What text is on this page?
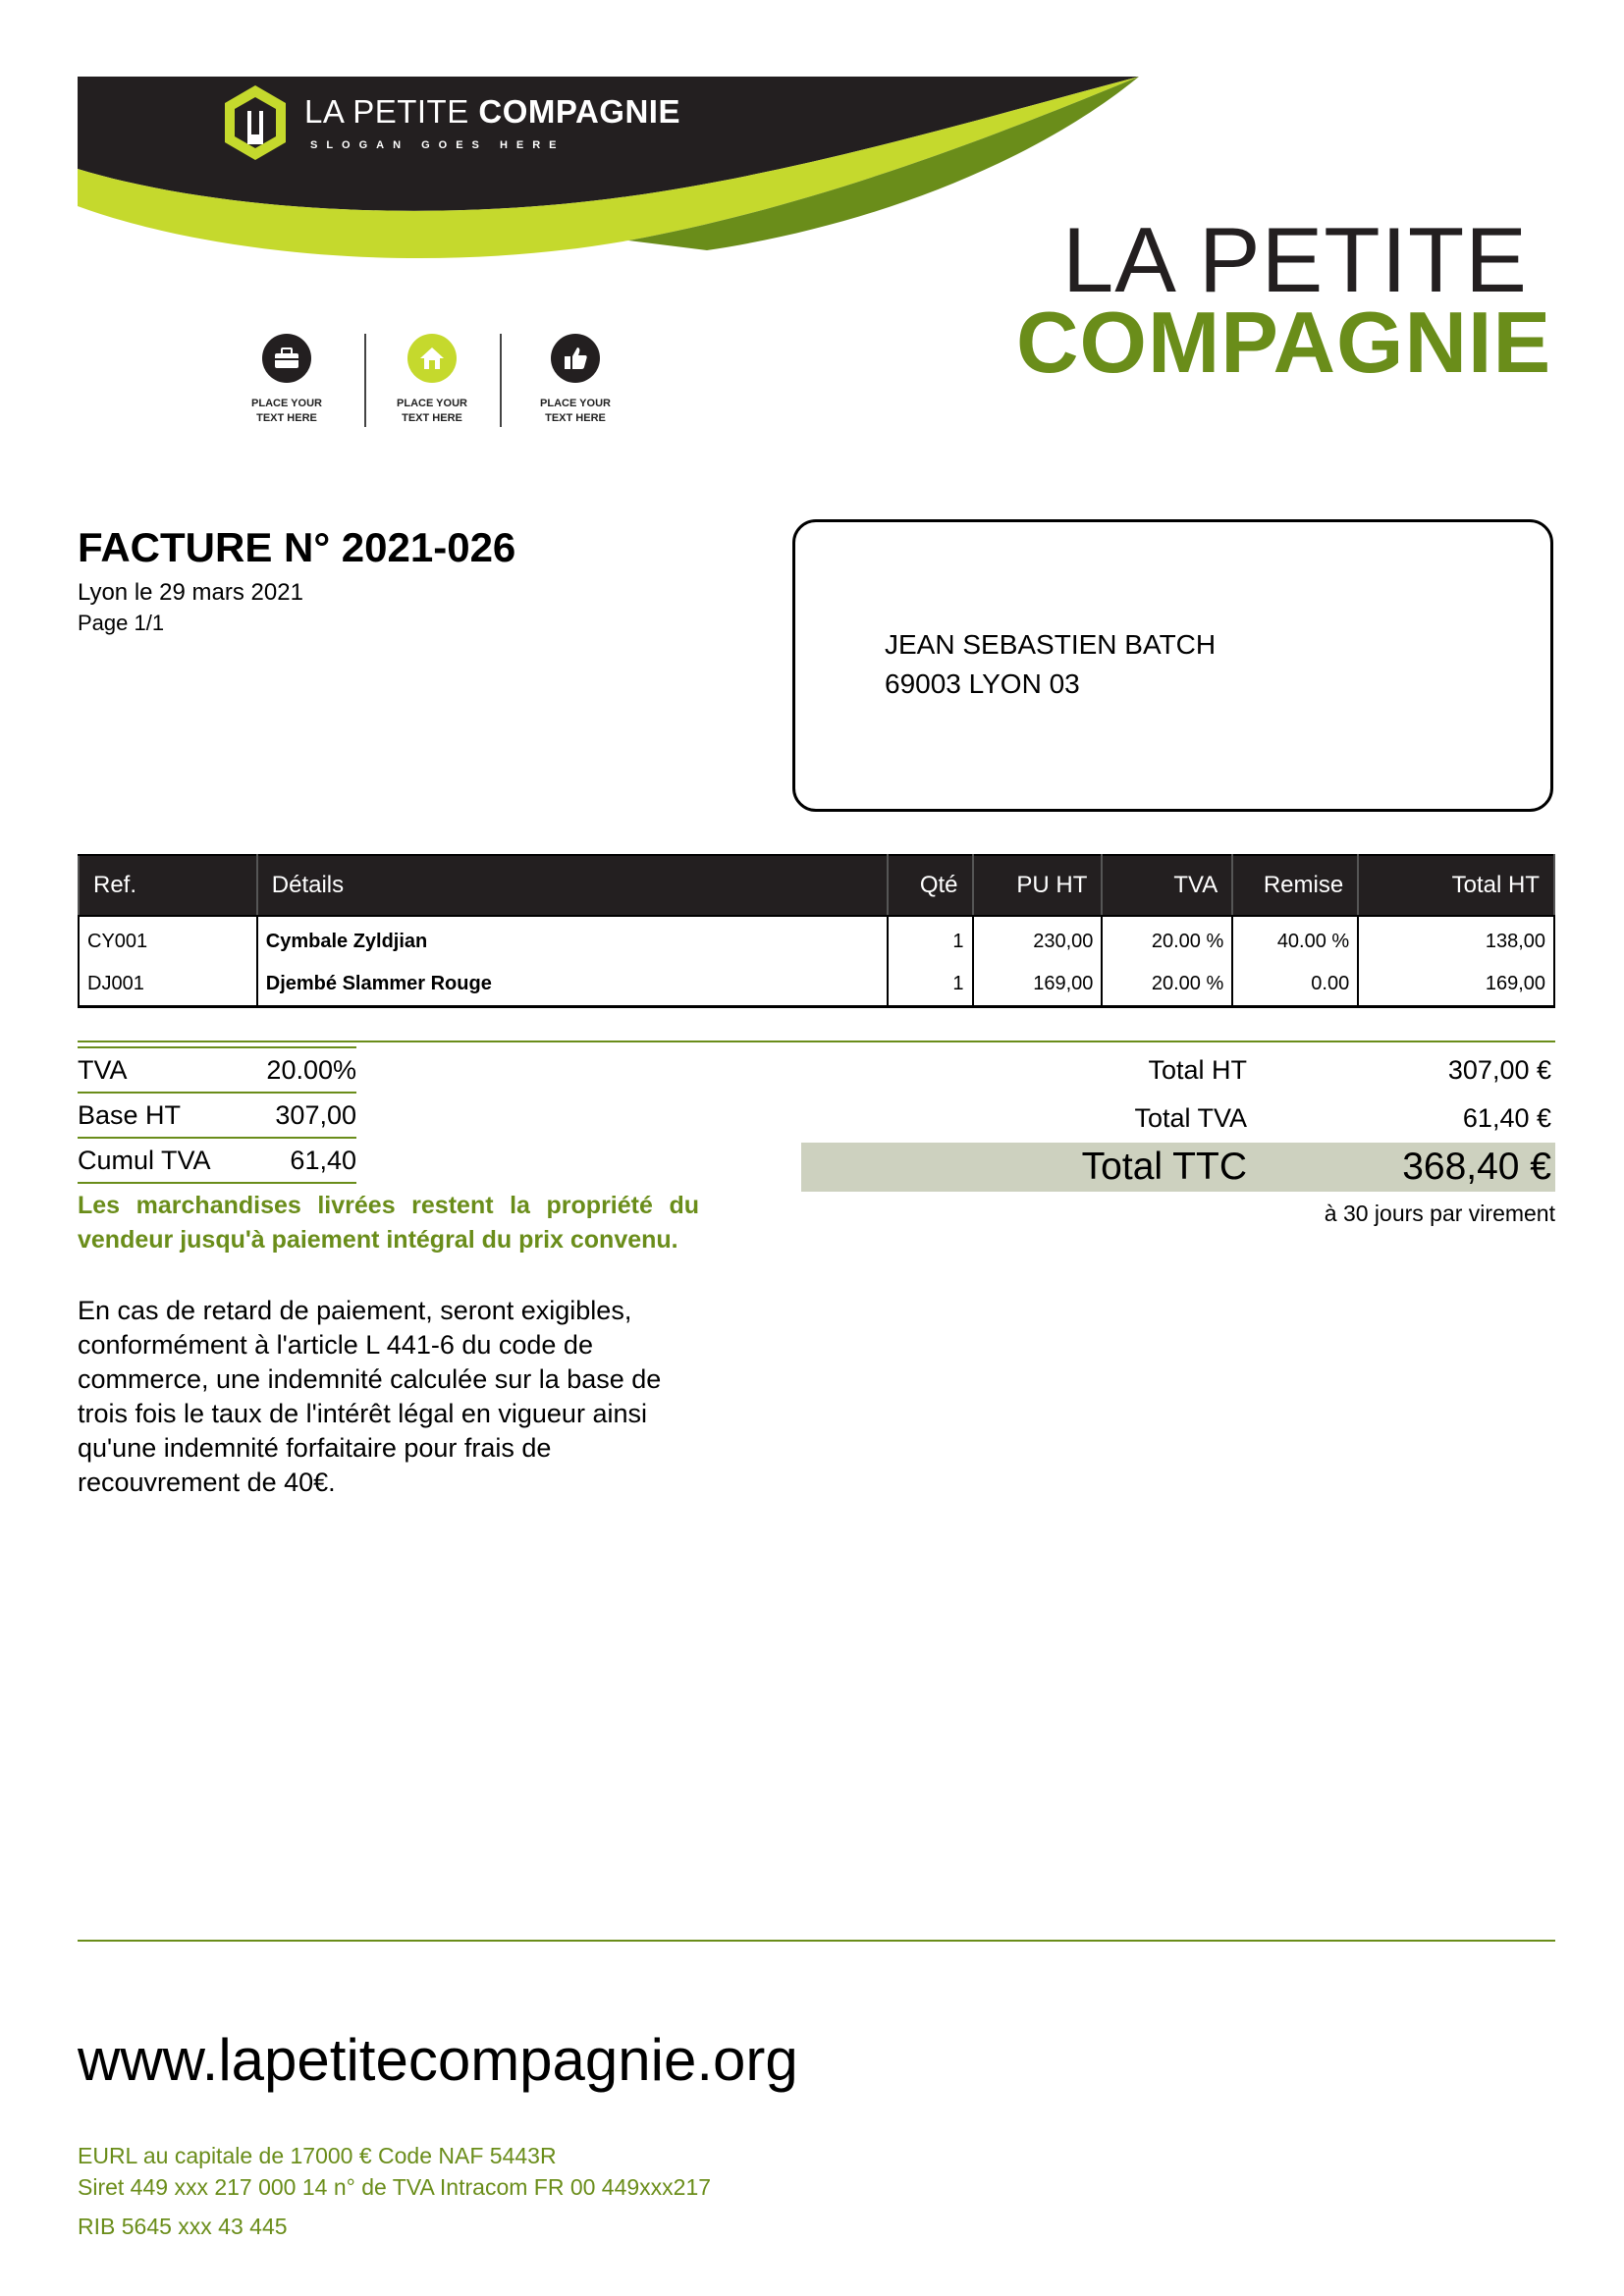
LA PETITE COMPAGNIE
SLOGAN GOES HERE
LA PETITE
COMPAGNIE
PLACE YOUR
TEXT HERE
PLACE YOUR
TEXT HERE
PLACE YOUR
TEXT HERE
FACTURE N° 2021-026
Lyon le 29 mars 2021
Page 1/1
JEAN SEBASTIEN BATCH
69003 LYON 03
Ref.	Détails	Qté	PU HT	TVA	Remise	Total HT
CY001	Cymbale Zyldjian	1	230,00	20.00 %	40.00 %	138,00
DJ001	Djembé Slammer Rouge	1	169,00	20.00 %	0.00	169,00
TVA	20.00%
Base HT	307,00
Cumul TVA	61,40
Total HT	307,00 €
Total TVA	61,40 €
Total TTC	368,40 €
à 30 jours par virement
Les marchandises livrées restent la propriété du vendeur jusqu'à paiement intégral du prix convenu.
En cas de retard de paiement, seront exigibles, conformément à l'article L 441-6 du code de commerce, une indemnité calculée sur la base de trois fois le taux de l'intérêt légal en vigueur ainsi qu'une indemnité forfaitaire pour frais de recouvrement de 40€.
www.lapetitecompagnie.org
EURL au capitale de 17000 € Code NAF 5443R
Siret 449 xxx 217 000 14 n° de TVA Intracom FR 00 449xxx217
RIB 5645 xxx 43 445
